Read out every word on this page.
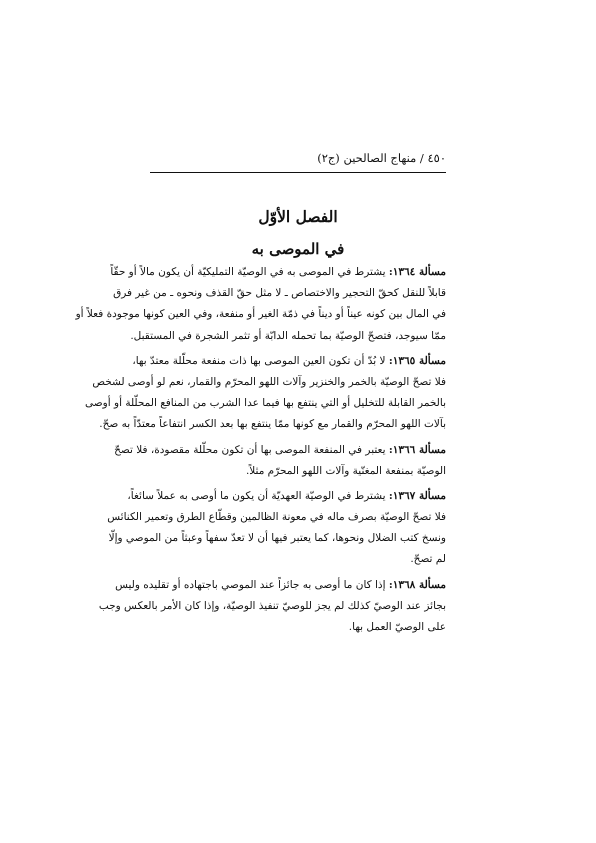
٤٥٠ / منهاج الصالحين (ج٢)
الفصل الأوّل
في الموصى به
مسألة ١٣٦٤: يشترط في الموصى به في الوصيّة التمليكيّة أن يكون مالاً أو حقّاً
قابلاً للنقل كحقّ التحجير والاختصاص ـ لا مثل حقّ القذف ونحوه ـ من غير فرق
في المال بين كونه عيناً أو ديناً في ذمّة الغير أو منفعة، وفي العين كونها موجودة فعلاً أو
ممّا سيوجد، فتصحّ الوصيّة بما تحمله الدابّة أو تثمر الشجرة في المستقبل.
مسألة ١٣٦٥: لا بُدّ أن تكون العين الموصى بها ذات منفعة محلّلة معتدّ بها،
فلا تصحّ الوصيّة بالخمر والخنزير وآلات اللهو المحرّم والقمار، نعم لو أوصى لشخص
بالخمر القابلة للتخليل أو التي ينتفع بها فيما عدا الشرب من المنافع المحلّلة أو أوصى
بآلات اللهو المحرّم والقمار مع كونها ممّا ينتفع بها بعد الكسر انتفاعاً معتدّاً به صحّ.
مسألة ١٣٦٦: يعتبر في المنفعة الموصى بها أن تكون محلّلة مقصودة، فلا تصحّ
الوصيّة بمنفعة المغنّية وآلات اللهو المحرّم مثلاً.
مسألة ١٣٦٧: يشترط في الوصيّة العهديّة أن يكون ما أوصى به عملاً سائغاً،
فلا تصحّ الوصيّة بصرف ماله في معونة الظالمين وقطّاع الطرق وتعمير الكنائس
ونسخ كتب الضلال ونحوها، كما يعتبر فيها أن لا تعدّ سفهاً وعبثاً من الموصي وإلّا
لم تصحّ.
مسألة ١٣٦٨: إذا كان ما أوصى به جائزاً عند الموصي باجتهاده أو تقليده وليس
بجائز عند الوصيّ كذلك لم يجز للوصيّ تنفيذ الوصيّة، وإذا كان الأمر بالعكس وجب
على الوصيّ العمل بها.
